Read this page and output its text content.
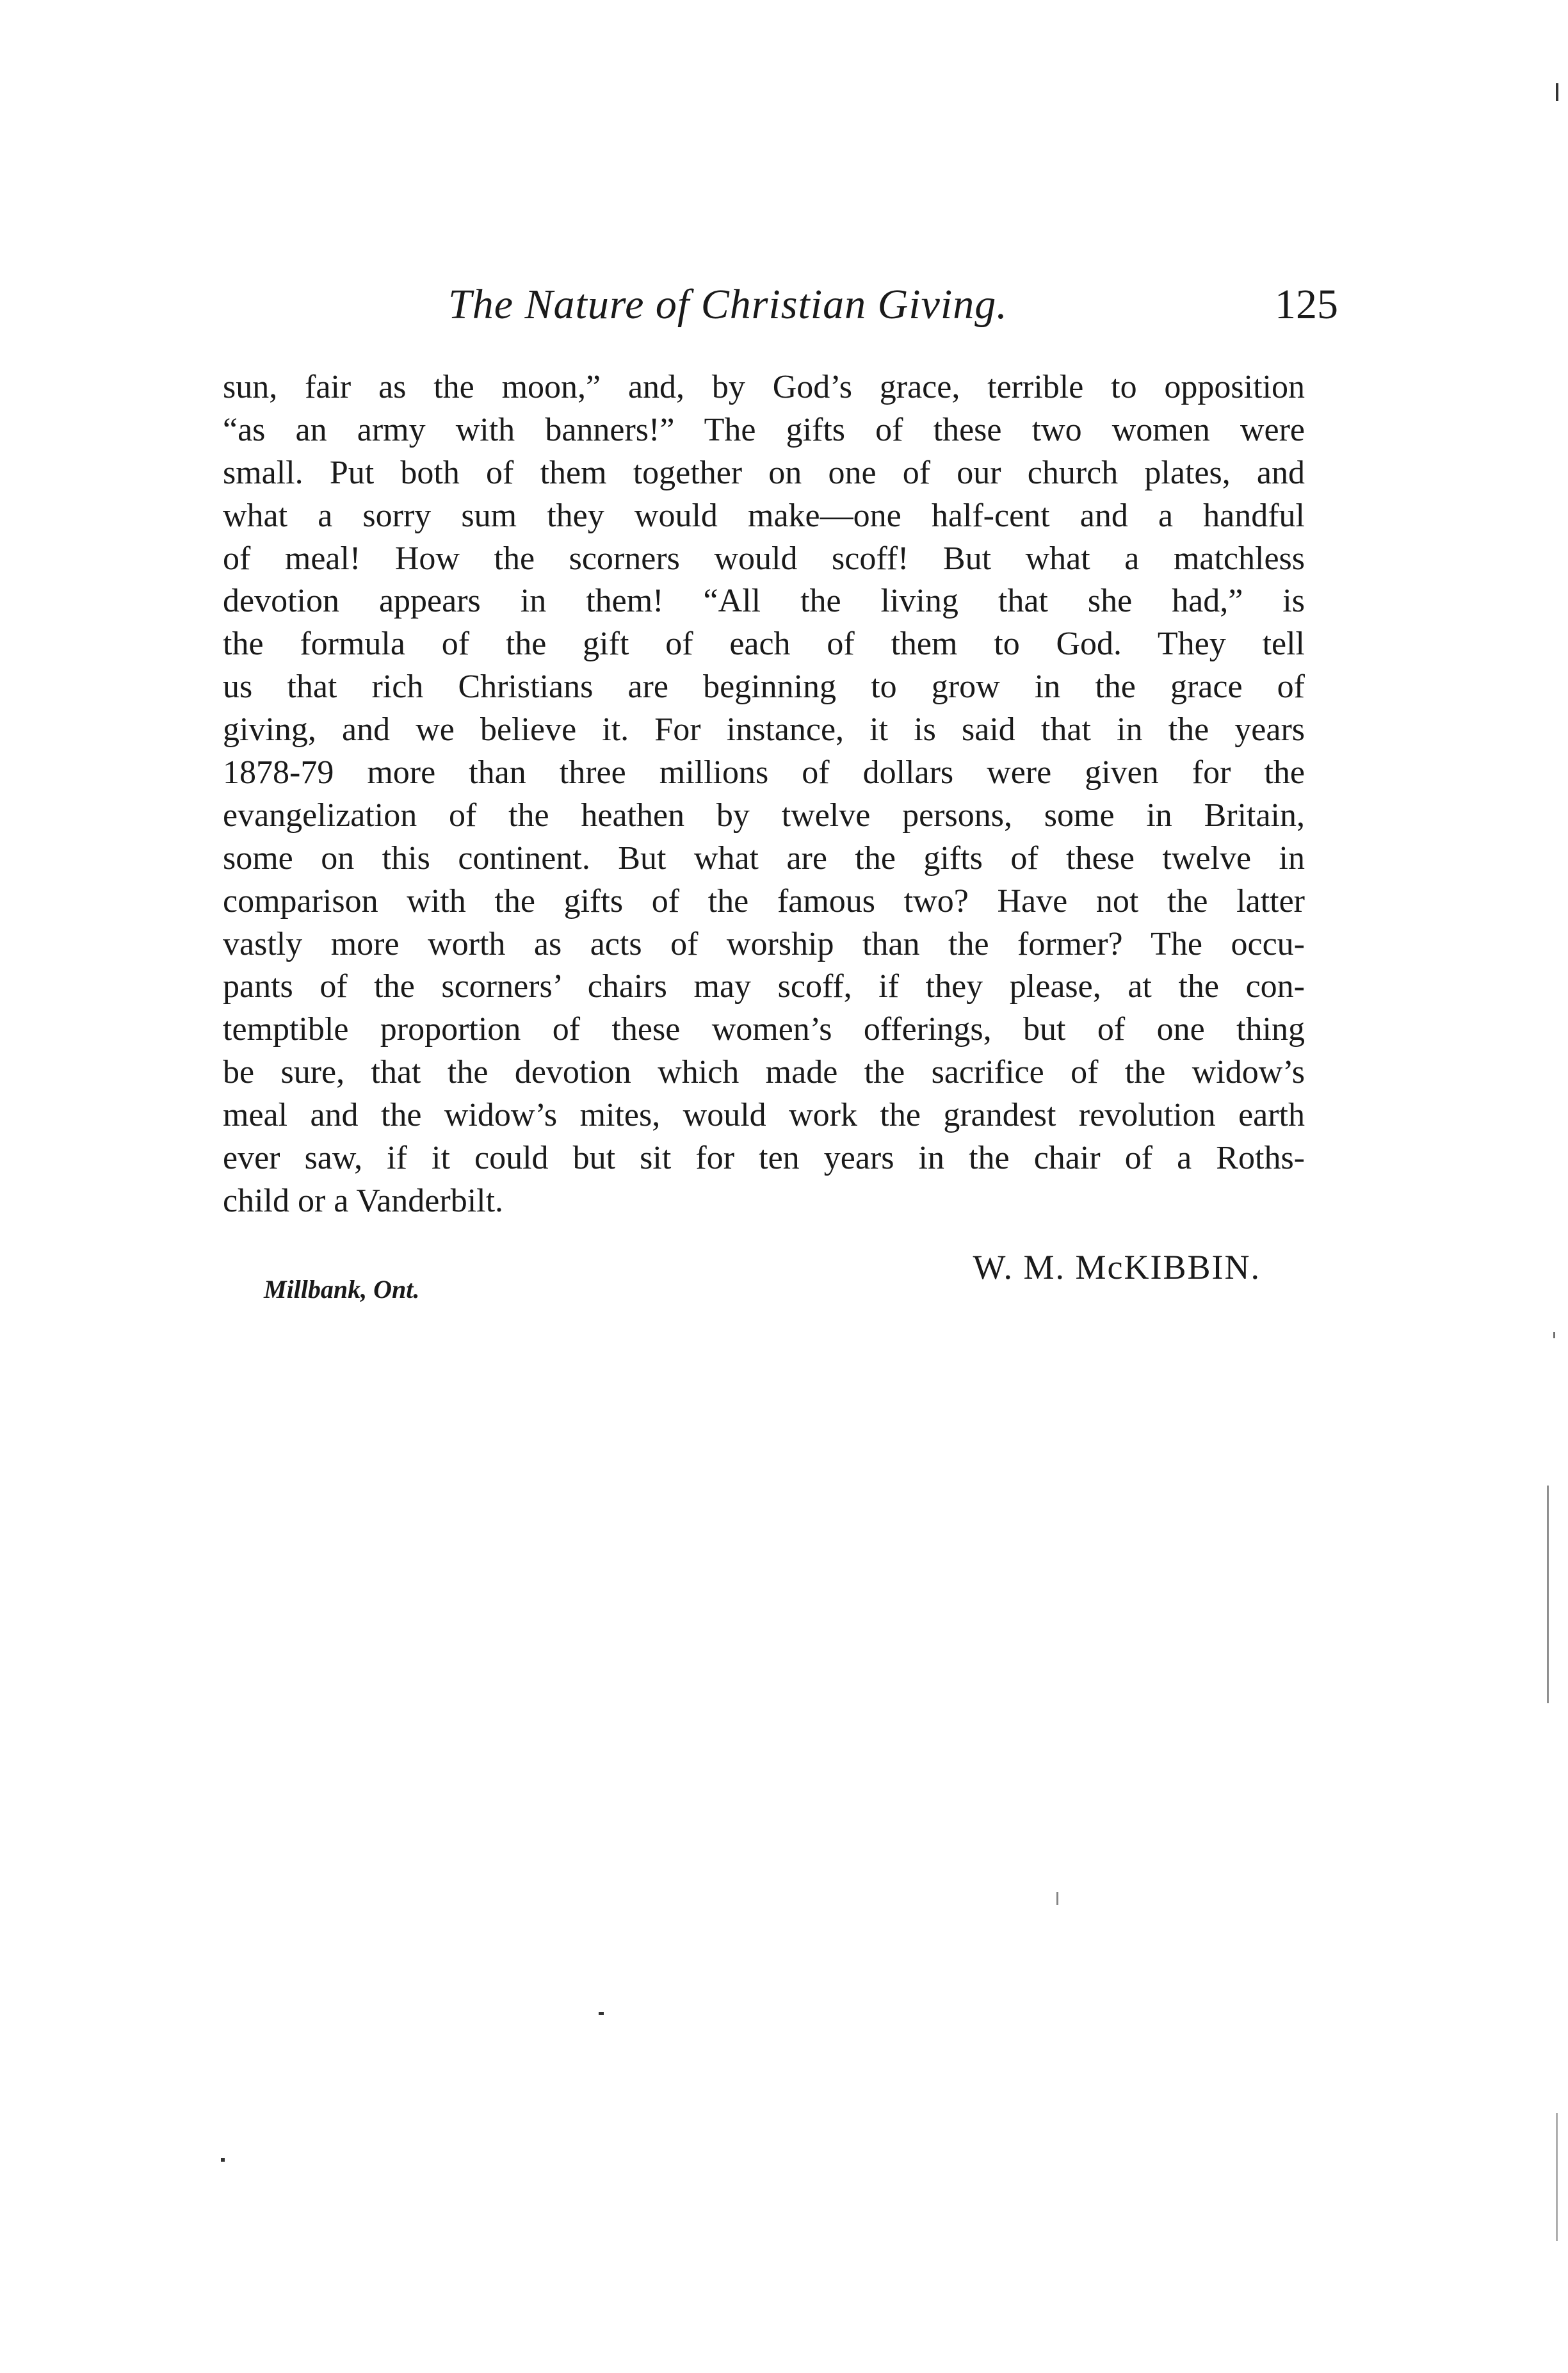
The Nature of Christian Giving.	125
sun, fair as the moon,” and, by God’s grace, terrible to opposition
“as an army with banners!” The gifts of these two women were
small. Put both of them together on one of our church plates, and
what a sorry sum they would make—one half-cent and a handful
of meal! How the scorners would scoff! But what a matchless
devotion appears in them! “All the living that she had,” is
the formula of the gift of each of them to God. They tell
us that rich Christians are beginning to grow in the grace of
giving, and we believe it. For instance, it is said that in the years
1878-79 more than three millions of dollars were given for the
evangelization of the heathen by twelve persons, some in Britain,
some on this continent. But what are the gifts of these twelve in
comparison with the gifts of the famous two? Have not the latter
vastly more worth as acts of worship than the former? The occu-
pants of the scorners’ chairs may scoff, if they please, at the con-
temptible proportion of these women’s offerings, but of one thing
be sure, that the devotion which made the sacrifice of the widow’s
meal and the widow’s mites, would work the grandest revolution earth
ever saw, if it could but sit for ten years in the chair of a Roths-
child or a Vanderbilt.
W. M. McKIBBIN.
Millbank, Ont.
